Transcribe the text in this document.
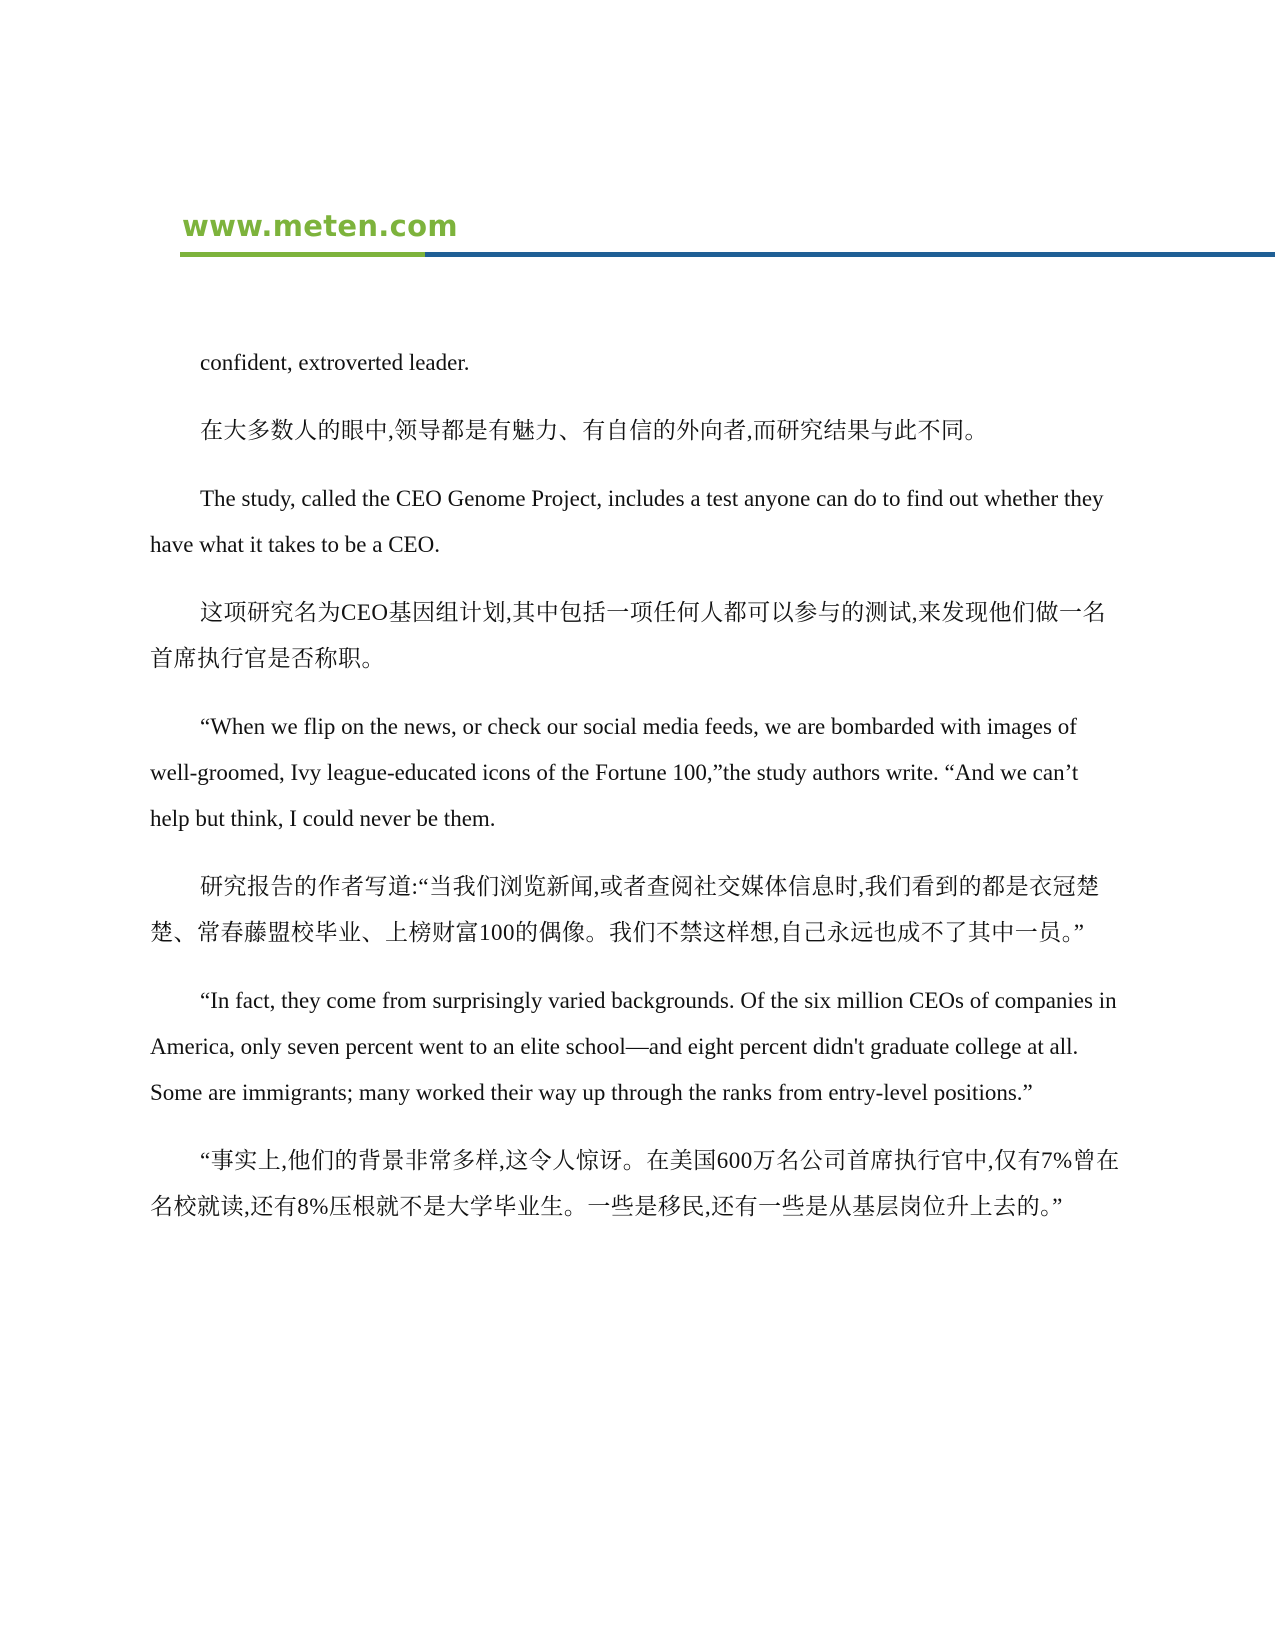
www.meten.com

confident, extroverted leader.

在大多数人的眼中,领导都是有魅力、有自信的外向者,而研究结果与此不同。

The study, called the CEO Genome Project, includes a test anyone can do to find out whether they have what it takes to be a CEO.

这项研究名为CEO基因组计划,其中包括一项任何人都可以参与的测试,来发现他们做一名首席执行官是否称职。

“When we flip on the news, or check our social media feeds, we are bombarded with images of well-groomed, Ivy league-educated icons of the Fortune 100,”the study authors write. “And we can’t help but think, I could never be them.

研究报告的作者写道:“当我们浏览新闻,或者查阅社交媒体信息时,我们看到的都是衣冠楚楚、常春藤盟校毕业、上榜财富100的偶像。我们不禁这样想,自己永远也成不了其中一员。”

“In fact, they come from surprisingly varied backgrounds. Of the six million CEOs of companies in America, only seven percent went to an elite school—and eight percent didn't graduate college at all. Some are immigrants; many worked their way up through the ranks from entry-level positions.”

“事实上,他们的背景非常多样,这令人惊讶。在美国600万名公司首席执行官中,仅有7%曾在名校就读,还有8%压根就不是大学毕业生。一些是移民,还有一些是从基层岗位升上去的。”
